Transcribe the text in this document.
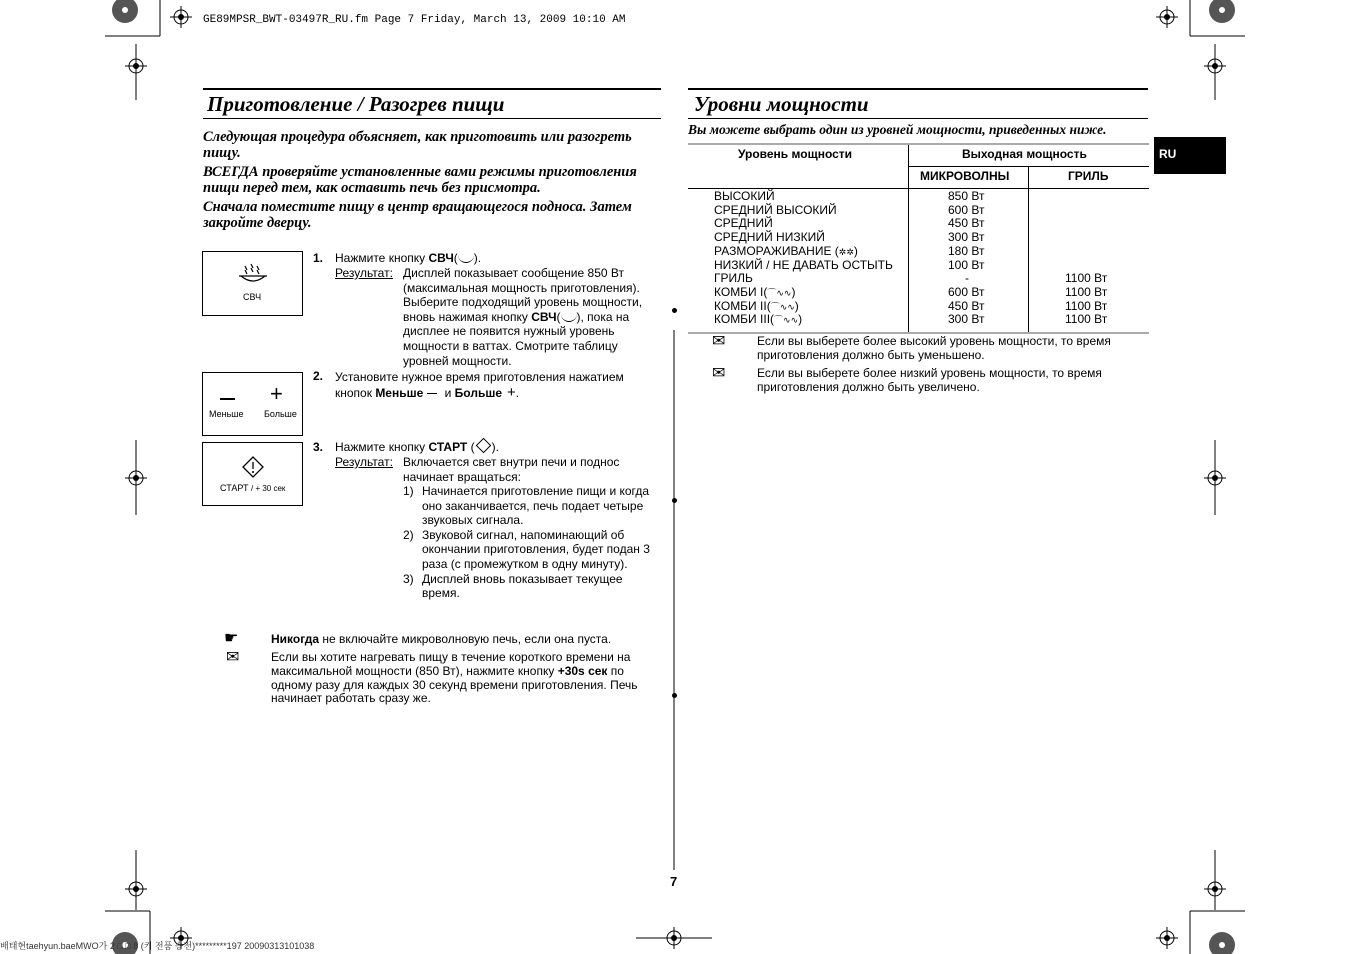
GE89MPSR_BWT-03497R_RU.fm Page 7 Friday, March 13, 2009 10:10 AM
Приготовление / Разогрев пищи
Следующая процедура объясняет, как приготовить или разогреть пищу.
ВСЕГДА проверяйте установленные вами режимы приготовления пищи перед тем, как оставить печь без присмотра.
Сначала поместите пищу в центр вращающегося подноса. Затем закройте дверцу.
СВЧ
+
Меньше Больше
СТАРТ / + 30 сек
1. Нажмите кнопку СВЧ( ).
Результат: Дисплей показывает сообщение 850 Вт
(максимальная мощность приготовления).
Выберите подходящий уровень мощности,
вновь нажимая кнопку СВЧ( ), пока на
дисплее не появится нужный уровень
мощности в ваттах. Смотрите таблицу
уровней мощности.
2. Установите нужное время приготовления нажатием
кнопок Меньше и Больше +.
3. Нажмите кнопку СТАРТ ( ).
Результат: Включается свет внутри печи и поднос
начинает вращаться:
1) Начинается приготовление пищи и когда
оно заканчивается, печь подает четыре
звуковых сигнала.
2) Звуковой сигнал, напоминающий об
окончании приготовления, будет подан 3
раза (с промежутком в одну минуту).
3) Дисплей вновь показывает текущее
время.
☛	Никогда не включайте микроволновую печь, если она пуста.
✉	Если вы хотите нагревать пищу в течение короткого времени на
максимальной мощности (850 Вт), нажмите кнопку +30s сек по
одному разу для каждых 30 секунд времени приготовления. Печь
начинает работать сразу же.
7
Уровни мощности
Вы можете выбрать один из уровней мощности, приведенных ниже.
RU
Уровень мощности	Выходная мощность
МИКРОВОЛНЫ	ГРИЛЬ
ВЫСОКИЙ	850 Вт
СРЕДНИЙ ВЫСОКИЙ	600 Вт
СРЕДНИЙ	450 Вт
СРЕДНИЙ НИЗКИЙ	300 Вт
РАЗМОРАЖИВАНИЕ (✲✲)	180 Вт
НИЗКИЙ / НЕ ДАВАТЬ ОСТЫТЬ	100 Вт
ГРИЛЬ	-	1100 Вт
КОМБИ I(⌒∿∿)	600 Вт	1100 Вт
КОМБИ II(⌒∿∿)	450 Вт	1100 Вт
КОМБИ III(⌒∿∿)	300 Вт	1100 Вт
✉	Если вы выберете более высокий уровень мощности, то время
приготовления должно быть уменьшено.
✉	Если вы выберете более низкий уровень мощности, то время
приготовления должно быть увеличено.
배태현taehyun.baeMWO가 2 □ □ 8 (키 전품 승전)*********197 20090313101038
